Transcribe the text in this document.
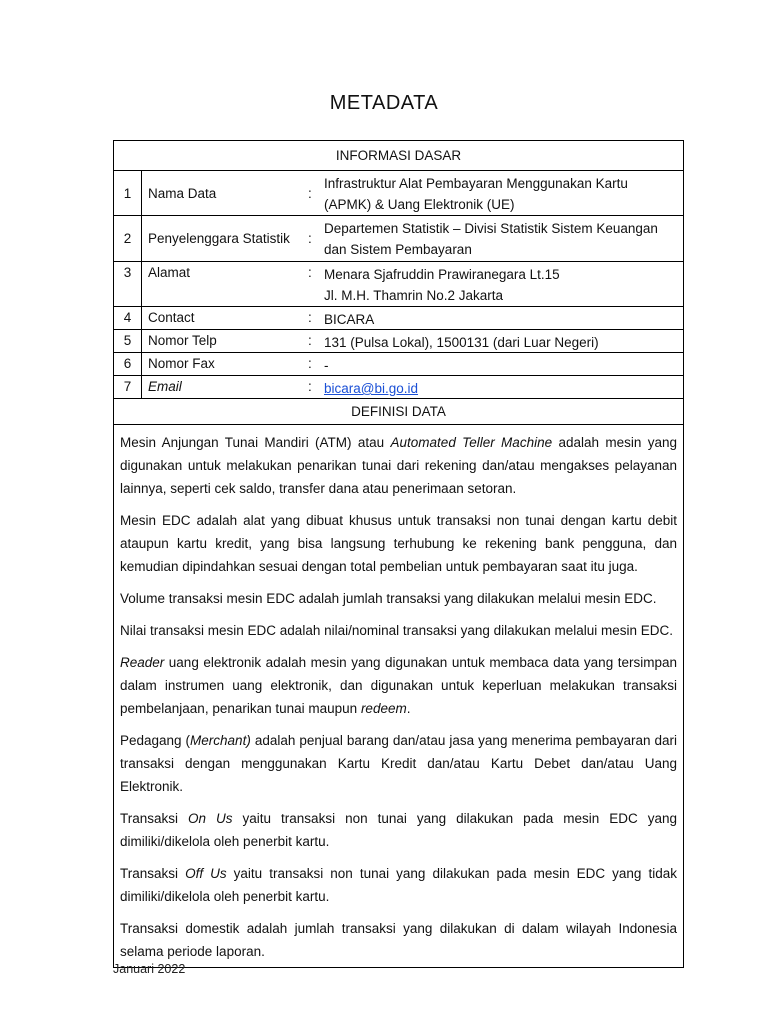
METADATA
INFORMASI DASAR
1	Nama Data	:
Infrastruktur Alat Pembayaran Menggunakan Kartu
(APMK) & Uang Elektronik (UE)
2	Penyelenggara Statistik	:
Departemen Statistik – Divisi Statistik Sistem Keuangan
dan Sistem Pembayaran
3	Alamat	: Menara Sjafruddin Prawiranegara Lt.15
Jl. M.H. Thamrin No.2 Jakarta
4	Contact	: BICARA
5	Nomor Telp	: 131 (Pulsa Lokal), 1500131 (dari Luar Negeri)
6	Nomor Fax	: -
7	Email	: bicara@bi.go.id
DEFINISI DATA

Mesin Anjungan Tunai Mandiri (ATM) atau Automated Teller Machine adalah mesin yang digunakan untuk melakukan penarikan tunai dari rekening dan/atau mengakses pelayanan lainnya, seperti cek saldo, transfer dana atau penerimaan setoran.

Mesin EDC adalah alat yang dibuat khusus untuk transaksi non tunai dengan kartu debit ataupun kartu kredit, yang bisa langsung terhubung ke rekening bank pengguna, dan kemudian dipindahkan sesuai dengan total pembelian untuk pembayaran saat itu juga.

Volume transaksi mesin EDC adalah jumlah transaksi yang dilakukan melalui mesin EDC.

Nilai transaksi mesin EDC adalah nilai/nominal transaksi yang dilakukan melalui mesin EDC.

Reader uang elektronik adalah mesin yang digunakan untuk membaca data yang tersimpan dalam instrumen uang elektronik, dan digunakan untuk keperluan melakukan transaksi pembelanjaan, penarikan tunai maupun redeem.

Pedagang (Merchant) adalah penjual barang dan/atau jasa yang menerima pembayaran dari transaksi dengan menggunakan Kartu Kredit dan/atau Kartu Debet dan/atau Uang Elektronik.

Transaksi On Us yaitu transaksi non tunai yang dilakukan pada mesin EDC yang dimiliki/dikelola oleh penerbit kartu.

Transaksi Off Us yaitu transaksi non tunai yang dilakukan pada mesin EDC yang tidak dimiliki/dikelola oleh penerbit kartu.

Transaksi domestik adalah jumlah transaksi yang dilakukan di dalam wilayah Indonesia selama periode laporan.

Januari 2022
